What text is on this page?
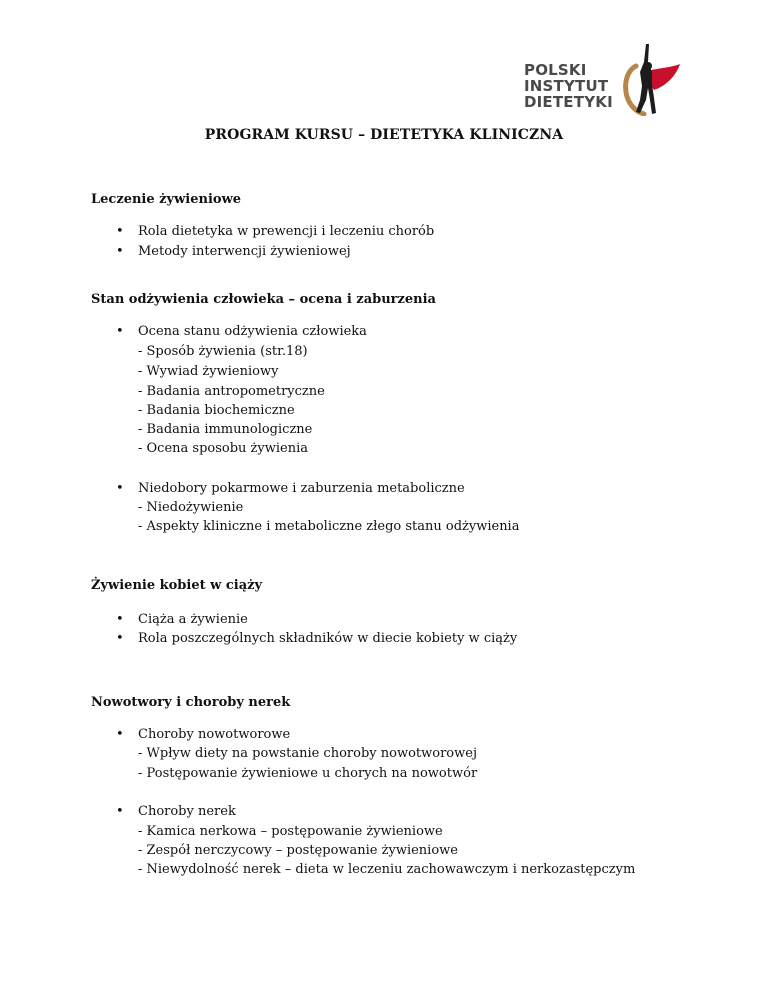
POLSKI
INSTYTUT
DIETETYKI
PROGRAM KURSU – DIETETYKA KLINICZNA
Leczenie żywieniowe
• Rola dietetyka w prewencji i leczeniu chorób
• Metody interwencji żywieniowej
Stan odżywienia człowieka – ocena i zaburzenia
• Ocena stanu odżywienia człowieka
- Sposób żywienia (str.18)
- Wywiad żywieniowy
- Badania antropometryczne
- Badania biochemiczne
- Badania immunologiczne
- Ocena sposobu żywienia
• Niedobory pokarmowe i zaburzenia metaboliczne
- Niedożywienie
- Aspekty kliniczne i metaboliczne złego stanu odżywienia
Żywienie kobiet w ciąży
• Ciąża a żywienie
• Rola poszczególnych składników w diecie kobiety w ciąży
Nowotwory i choroby nerek
• Choroby nowotworowe
- Wpływ diety na powstanie choroby nowotworowej
- Postępowanie żywieniowe u chorych na nowotwór
• Choroby nerek
- Kamica nerkowa – postępowanie żywieniowe
- Zespół nerczycowy – postępowanie żywieniowe
- Niewydolność nerek – dieta w leczeniu zachowawczym i nerkozastępczym
